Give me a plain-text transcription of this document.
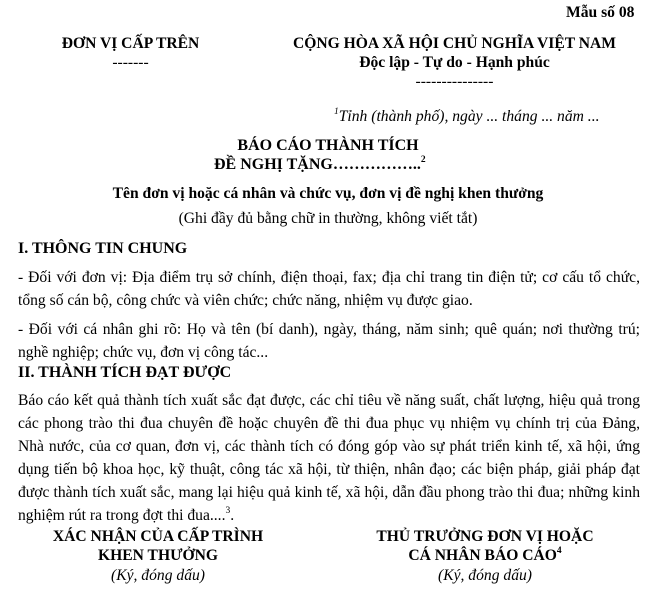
Mẫu số 08
ĐƠN VỊ CẤP TRÊN
-------
CỘNG HÒA XÃ HỘI CHỦ NGHĨA VIỆT NAM
Độc lập - Tự do - Hạnh phúc
---------------
$^1$Tỉnh (thành phố), ngày ... tháng ... năm ...
BÁO CÁO THÀNH TÍCH
ĐỀ NGHỊ TẶNG……………..$^2$
Tên đơn vị hoặc cá nhân và chức vụ, đơn vị đề nghị khen thưởng
(Ghi đầy đủ bằng chữ in thường, không viết tắt)
I. THÔNG TIN CHUNG
- Đối với đơn vị: Địa điểm trụ sở chính, điện thoại, fax; địa chỉ trang tin điện tử; cơ cấu tổ chức, tổng số cán bộ, công chức và viên chức; chức năng, nhiệm vụ được giao.
- Đối với cá nhân ghi rõ: Họ và tên (bí danh), ngày, tháng, năm sinh; quê quán; nơi thường trú; nghề nghiệp; chức vụ, đơn vị công tác...
II. THÀNH TÍCH ĐẠT ĐƯỢC
Báo cáo kết quả thành tích xuất sắc đạt được, các chỉ tiêu về năng suất, chất lượng, hiệu quả trong các phong trào thi đua chuyên đề hoặc chuyên đề thi đua phục vụ nhiệm vụ chính trị của Đảng, Nhà nước, của cơ quan, đơn vị, các thành tích có đóng góp vào sự phát triển kinh tế, xã hội, ứng dụng tiến bộ khoa học, kỹ thuật, công tác xã hội, từ thiện, nhân đạo; các biện pháp, giải pháp đạt được thành tích xuất sắc, mang lại hiệu quả kinh tế, xã hội, dẫn đầu phong trào thi đua; những kinh nghiệm rút ra trong đợt thi đua....$^3$.
XÁC NHẬN CỦA CẤP TRÌNH
KHEN THƯỞNG
(Ký, đóng dấu)
THỦ TRƯỞNG ĐƠN VỊ HOẶC
CÁ NHÂN BÁO CÁO$^4$
(Ký, đóng dấu)
